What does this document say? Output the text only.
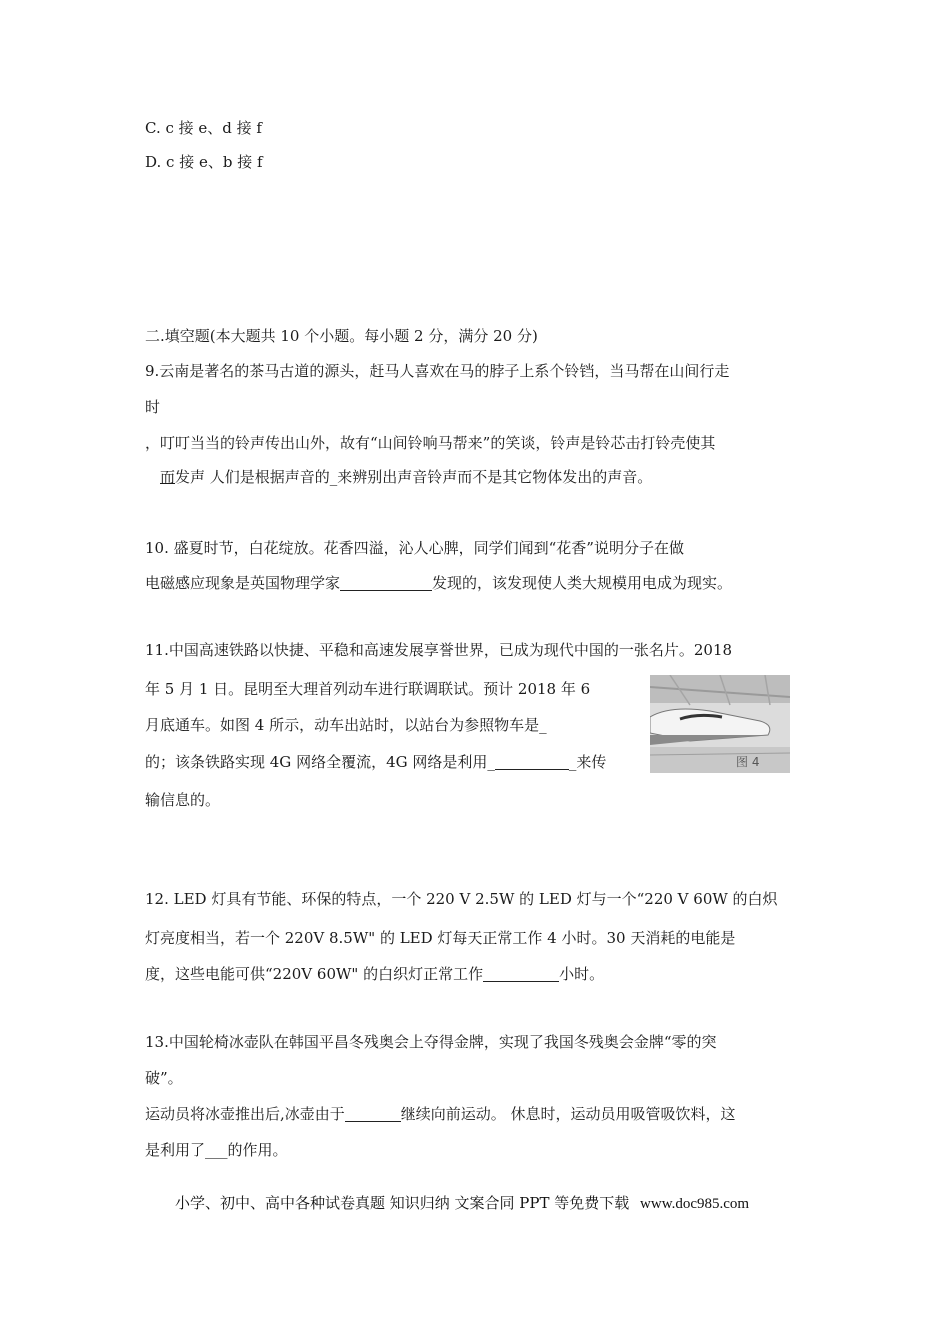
C. c 接 e、d 接 f
D. c 接 e、b 接 f
二.填空题(本大题共 10 个小题。每小题 2 分，满分 20 分)
9.云南是著名的茶马古道的源头，赶马人喜欢在马的脖子上系个铃铛，当马帮在山间行走
时
，叮叮当当的铃声传出山外，故有“山间铃响马帮来”的笑谈，铃声是铃芯击打铃壳使其
而发声 人们是根据声音的_来辨别出声音铃声而不是其它物体发出的声音。
10. 盛夏时节，白花绽放。花香四溢，沁人心脾，同学们闻到“花香”说明分子在做
电磁感应现象是英国物理学家	发现的，该发现使人类大规模用电成为现实。
11.中国高速铁路以快捷、平稳和高速发展享誉世界，已成为现代中国的一张名片。2018
年 5 月 1 日。昆明至大理首列动车进行联调联试。预计 2018 年 6
月底通车。如图 4 所示，动车出站时，以站台为参照物车是_
的；该条铁路实现 4G 网络全覆流，4G 网络是利用_	_来传
输信息的。
图 4
12. LED 灯具有节能、环保的特点，一个 220 V 2.5W 的 LED 灯与一个“220 V 60W 的白炽
灯亮度相当，若一个 220V 8.5W" 的 LED 灯每天正常工作 4 小时。30 天消耗的电能是
度，这些电能可供“220V 60W" 的白织灯正常工作	小时。
13.中国轮椅冰壶队在韩国平昌冬残奥会上夺得金牌，实现了我国冬残奥会金牌“零的突
破”。
运动员将冰壶推出后,冰壶由于	继续向前运动。 休息时，运动员用吸管吸饮料，这
是利用了___的作用。
小学、初中、高中各种试卷真题 知识归纳 文案合同 PPT 等免费下载 www.doc985.com
